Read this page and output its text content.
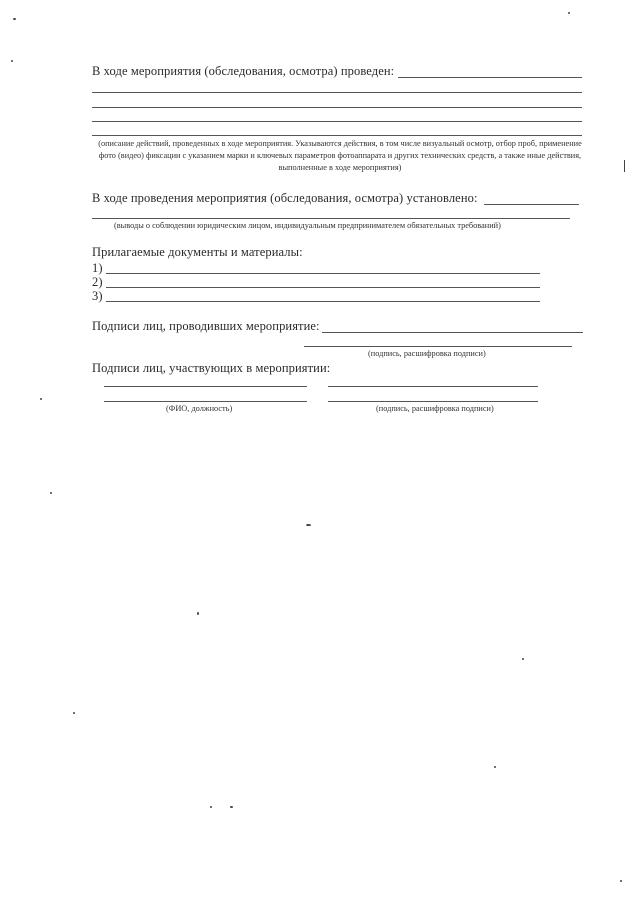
В ходе мероприятия (обследования, осмотра) проведен:
(описание действий, проведенных в ходе мероприятия. Указываются действия, в том числе визуальный осмотр, отбор проб, применение фото (видео) фиксации с указанием марки и ключевых параметров фотоаппарата и других технических средств, а также иные действия, выполненные в ходе мероприятия)
В ходе проведения мероприятия (обследования, осмотра) установлено:
(выводы о соблюдении юридическим лицом, индивидуальным предпринимателем обязательных требований)
Прилагаемые документы и материалы:
1)
2)
3)
Подписи лиц, проводивших мероприятие:
(подпись, расшифровка подписи)
Подписи лиц, участвующих в мероприятии:
(ФИО, должность)	(подпись, расшифровка подписи)
